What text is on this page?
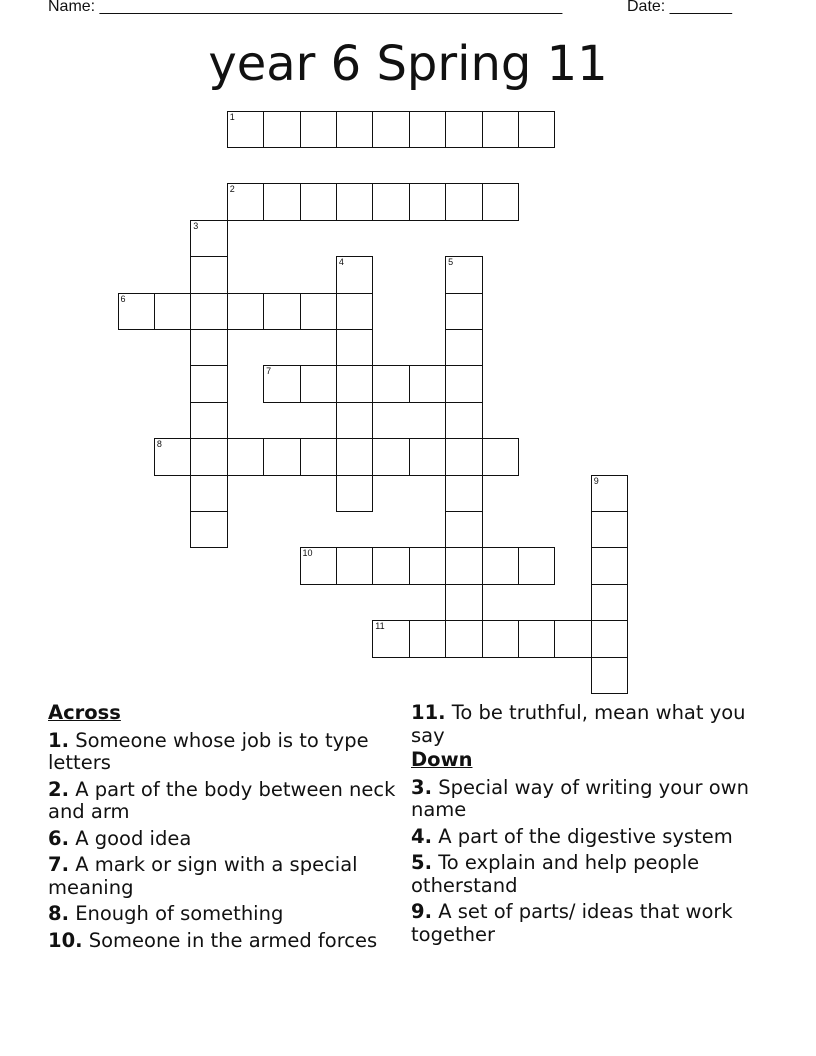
Name: ____________________________________________________	Date: _______
year 6 Spring 11
1
2
3
4	5
6
7
8
9
10
11
Across
1. Someone whose job is to type letters
2. A part of the body between neck and arm
6. A good idea
7. A mark or sign with a special meaning
8. Enough of something
10. Someone in the armed forces
11. To be truthful, mean what you say
Down
3. Special way of writing your own name
4. A part of the digestive system
5. To explain and help people otherstand
9. A set of parts/ ideas that work together
